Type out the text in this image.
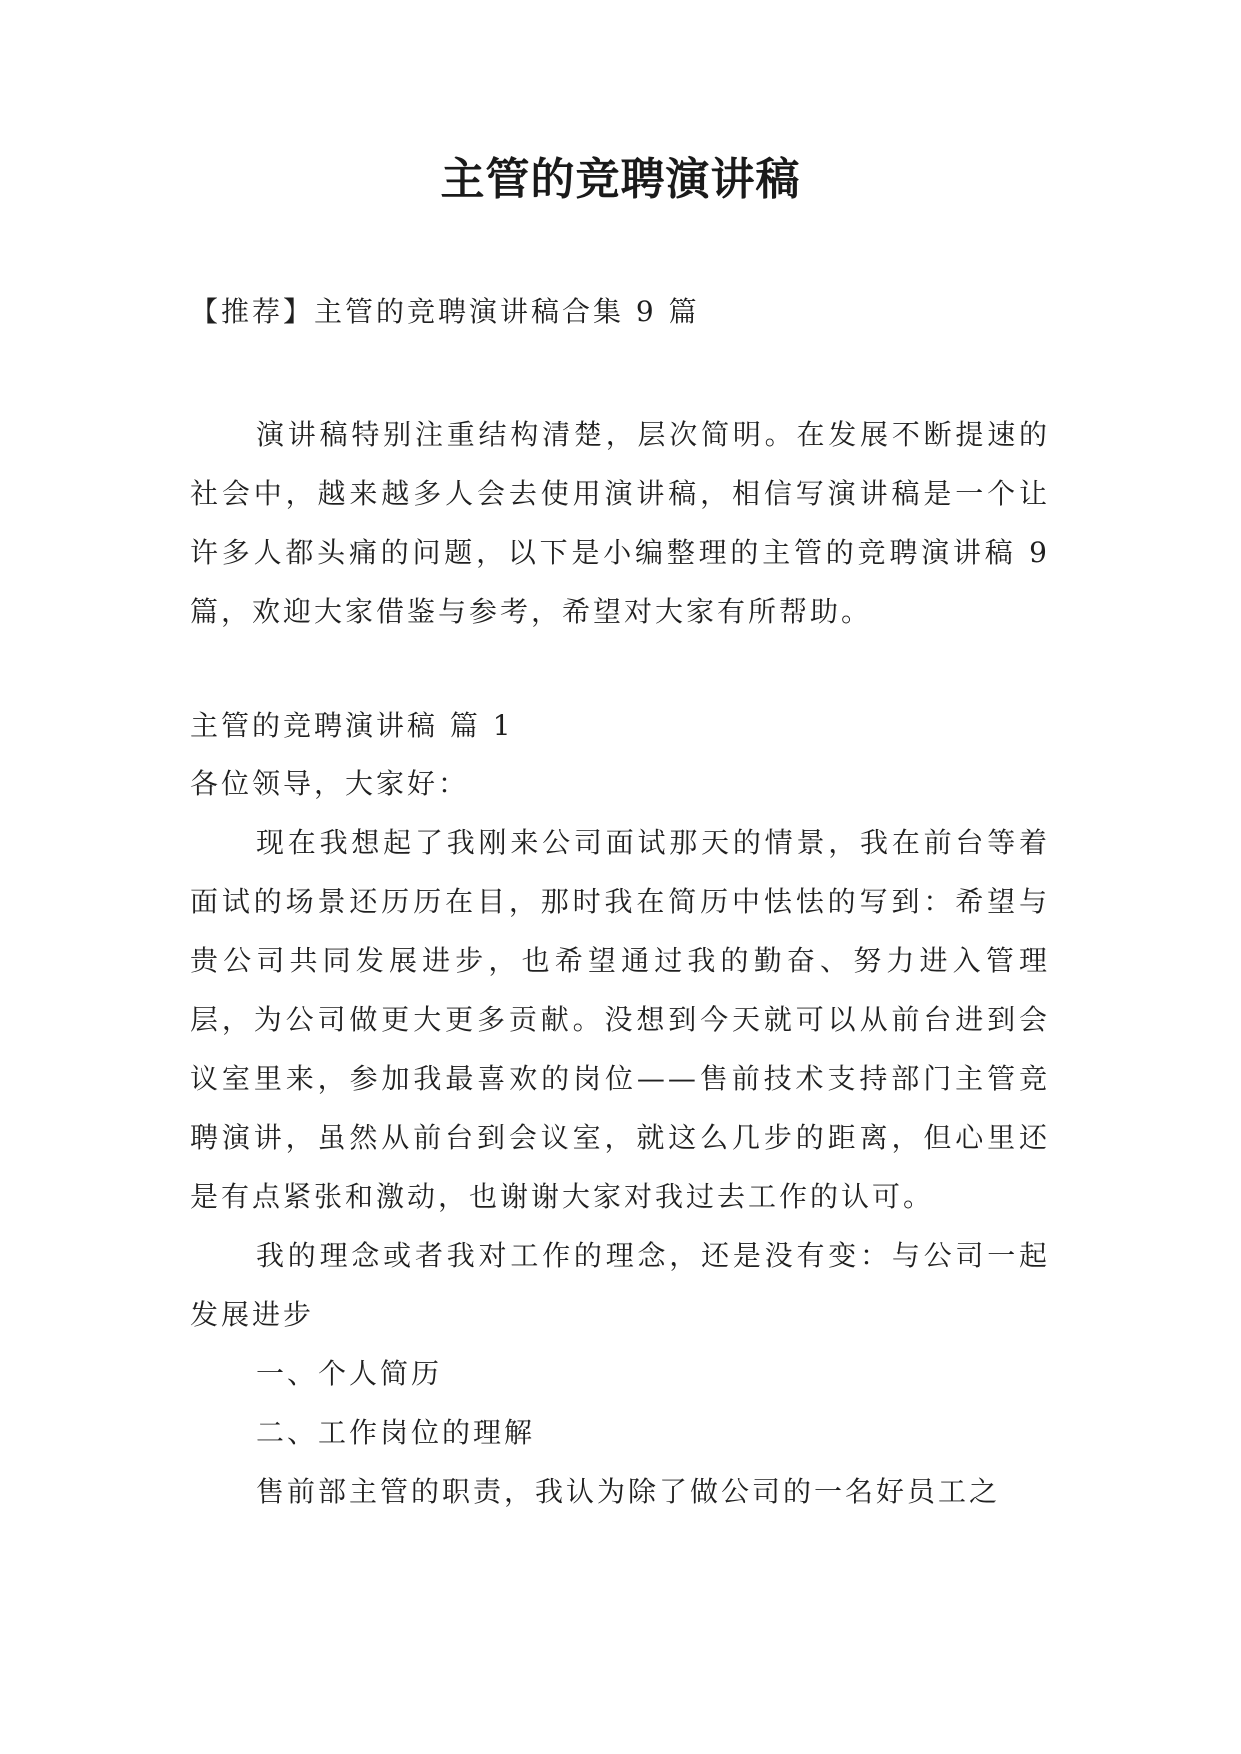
主管的竞聘演讲稿
【推荐】主管的竞聘演讲稿合集 9 篇
演讲稿特别注重结构清楚，层次简明。在发展不断提速的社会中，越来越多人会去使用演讲稿，相信写演讲稿是一个让许多人都头痛的问题，以下是小编整理的主管的竞聘演讲稿 9 篇，欢迎大家借鉴与参考，希望对大家有所帮助。
主管的竞聘演讲稿 篇 1
各位领导，大家好：

现在我想起了我刚来公司面试那天的情景，我在前台等着面试的场景还历历在目，那时我在简历中怯怯的写到：希望与贵公司共同发展进步，也希望通过我的勤奋、努力进入管理层，为公司做更大更多贡献。没想到今天就可以从前台进到会议室里来，参加我最喜欢的岗位——售前技术支持部门主管竞聘演讲，虽然从前台到会议室，就这么几步的距离，但心里还是有点紧张和激动，也谢谢大家对我过去工作的认可。

我的理念或者我对工作的理念，还是没有变：与公司一起发展进步

一、个人简历

二、工作岗位的理解

售前部主管的职责，我认为除了做公司的一名好员工之
